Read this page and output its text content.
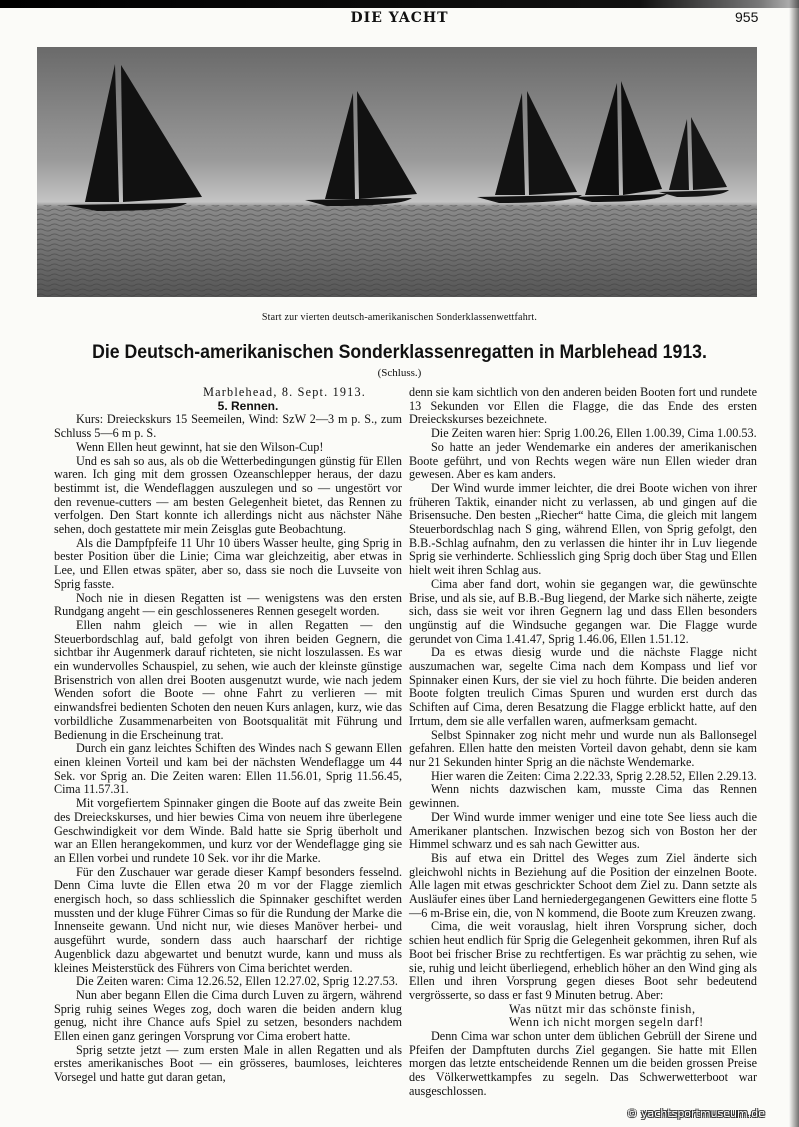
DIE YACHT	955
Start zur vierten deutsch-amerikanischen Sonderklassenwettfahrt.
Die Deutsch-amerikanischen Sonderklassenregatten in Marblehead 1913.
(Schluss.)
Marblehead, 8. Sept. 1913.
5. Rennen.

Kurs: Dreieckskurs 15 Seemeilen, Wind: SzW 2—3 m p. S., zum Schluss 5—6 m p. S.

Wenn Ellen heut gewinnt, hat sie den Wilson-Cup!

Und es sah so aus, als ob die Wetterbedingungen günstig für Ellen waren. Ich ging mit dem grossen Ozeanschlepper heraus, der dazu bestimmt ist, die Wendeflaggen auszulegen und so — ungestört vor den revenue-cutters — am besten Gelegenheit bietet, das Rennen zu verfolgen. Den Start konnte ich allerdings nicht aus nächster Nähe sehen, doch gestattete mir mein Zeisglas gute Beobachtung.

Als die Dampfpfeife 11 Uhr 10 übers Wasser heulte, ging Sprig in bester Position über die Linie; Cima war gleichzeitig, aber etwas in Lee, und Ellen etwas später, aber so, dass sie noch die Luvseite von Sprig fasste.

Noch nie in diesen Regatten ist — wenigstens was den ersten Rundgang angeht — ein geschlosseneres Rennen gesegelt worden.

Ellen nahm gleich — wie in allen Regatten — den Steuerbordschlag auf, bald gefolgt von ihren beiden Gegnern, die sichtbar ihr Augenmerk darauf richteten, sie nicht loszulassen. Es war ein wundervolles Schauspiel, zu sehen, wie auch der kleinste günstige Brisenstrich von allen drei Booten ausgenutzt wurde, wie nach jedem Wenden sofort die Boote — ohne Fahrt zu verlieren — mit einwandsfrei bedienten Schoten den neuen Kurs anlagen, kurz, wie das vorbildliche Zusammenarbeiten von Bootsqualität mit Führung und Bedienung in die Erscheinung trat.

Durch ein ganz leichtes Schiften des Windes nach S gewann Ellen einen kleinen Vorteil und kam bei der nächsten Wendeflagge um 44 Sek. vor Sprig an. Die Zeiten waren: Ellen 11.56.01, Sprig 11.56.45, Cima 11.57.31.

Mit vorgefiertem Spinnaker gingen die Boote auf das zweite Bein des Dreieckskurses, und hier bewies Cima von neuem ihre überlegene Geschwindigkeit vor dem Winde. Bald hatte sie Sprig überholt und war an Ellen herangekommen, und kurz vor der Wendeflagge ging sie an Ellen vorbei und rundete 10 Sek. vor ihr die Marke.

Für den Zuschauer war gerade dieser Kampf besonders fesselnd. Denn Cima luvte die Ellen etwa 20 m vor der Flagge ziemlich energisch hoch, so dass schliesslich die Spinnaker geschiftet werden mussten und der kluge Führer Cimas so für die Rundung der Marke die Innenseite gewann. Und nicht nur, wie dieses Manöver herbei- und ausgeführt wurde, sondern dass auch haarscharf der richtige Augenblick dazu abgewartet und benutzt wurde, kann und muss als kleines Meisterstück des Führers von Cima berichtet werden.

Die Zeiten waren: Cima 12.26.52, Ellen 12.27.02, Sprig 12.27.53.

Nun aber begann Ellen die Cima durch Luven zu ärgern, während Sprig ruhig seines Weges zog, doch waren die beiden andern klug genug, nicht ihre Chance aufs Spiel zu setzen, besonders nachdem Ellen einen ganz geringen Vorsprung vor Cima erobert hatte.

Sprig setzte jetzt — zum ersten Male in allen Regatten und als erstes amerikanisches Boot — ein grösseres, baumloses, leichteres Vorsegel und hatte gut daran getan,

denn sie kam sichtlich von den anderen beiden Booten fort und rundete 13 Sekunden vor Ellen die Flagge, die das Ende des ersten Dreieckskurses bezeichnete.

Die Zeiten waren hier: Sprig 1.00.26, Ellen 1.00.39, Cima 1.00.53.

So hatte an jeder Wendemarke ein anderes der amerikanischen Boote geführt, und von Rechts wegen wäre nun Ellen wieder dran gewesen. Aber es kam anders.

Der Wind wurde immer leichter, die drei Boote wichen von ihrer früheren Taktik, einander nicht zu verlassen, ab und gingen auf die Brisensuche. Den besten „Riecher“ hatte Cima, die gleich mit langem Steuerbordschlag nach S ging, während Ellen, von Sprig gefolgt, den B.B.-Schlag aufnahm, den zu verlassen die hinter ihr in Luv liegende Sprig sie verhinderte. Schliesslich ging Sprig doch über Stag und Ellen hielt weit ihren Schlag aus.

Cima aber fand dort, wohin sie gegangen war, die gewünschte Brise, und als sie, auf B.B.-Bug liegend, der Marke sich näherte, zeigte sich, dass sie weit vor ihren Gegnern lag und dass Ellen besonders ungünstig auf die Windsuche gegangen war. Die Flagge wurde gerundet von Cima 1.41.47, Sprig 1.46.06, Ellen 1.51.12.

Da es etwas diesig wurde und die nächste Flagge nicht auszumachen war, segelte Cima nach dem Kompass und lief vor Spinnaker einen Kurs, der sie viel zu hoch führte. Die beiden anderen Boote folgten treulich Cimas Spuren und wurden erst durch das Schiften auf Cima, deren Besatzung die Flagge erblickt hatte, auf den Irrtum, dem sie alle verfallen waren, aufmerksam gemacht.

Selbst Spinnaker zog nicht mehr und wurde nun als Ballonsegel gefahren. Ellen hatte den meisten Vorteil davon gehabt, denn sie kam nur 21 Sekunden hinter Sprig an die nächste Wendemarke.

Hier waren die Zeiten: Cima 2.22.33, Sprig 2.28.52, Ellen 2.29.13.

Wenn nichts dazwischen kam, musste Cima das Rennen gewinnen.

Der Wind wurde immer weniger und eine tote See liess auch die Amerikaner plantschen. Inzwischen bezog sich von Boston her der Himmel schwarz und es sah nach Gewitter aus.

Bis auf etwa ein Drittel des Weges zum Ziel änderte sich gleichwohl nichts in Beziehung auf die Position der einzelnen Boote. Alle lagen mit etwas geschrickter Schoot dem Ziel zu. Dann setzte als Ausläufer eines über Land herniedergegangenen Gewitters eine flotte 5—6 m-Brise ein, die, von N kommend, die Boote zum Kreuzen zwang.

Cima, die weit vorauslag, hielt ihren Vorsprung sicher, doch schien heut endlich für Sprig die Gelegenheit gekommen, ihren Ruf als Boot bei frischer Brise zu rechtfertigen. Es war prächtig zu sehen, wie sie, ruhig und leicht überliegend, erheblich höher an den Wind ging als Ellen und ihren Vorsprung gegen dieses Boot sehr bedeutend vergrösserte, so dass er fast 9 Minuten betrug. Aber:

Was nützt mir das schönste finish,
Wenn ich nicht morgen segeln darf!

Denn Cima war schon unter dem üblichen Gebrüll der Sirene und Pfeifen der Dampftuten durchs Ziel gegangen. Sie hatte mit Ellen morgen das letzte entscheidende Rennen um die beiden grossen Preise des Völkerwettkampfes zu segeln. Das Schwerwetterboot war ausgeschlossen.

© yachtsportmuseum.de
